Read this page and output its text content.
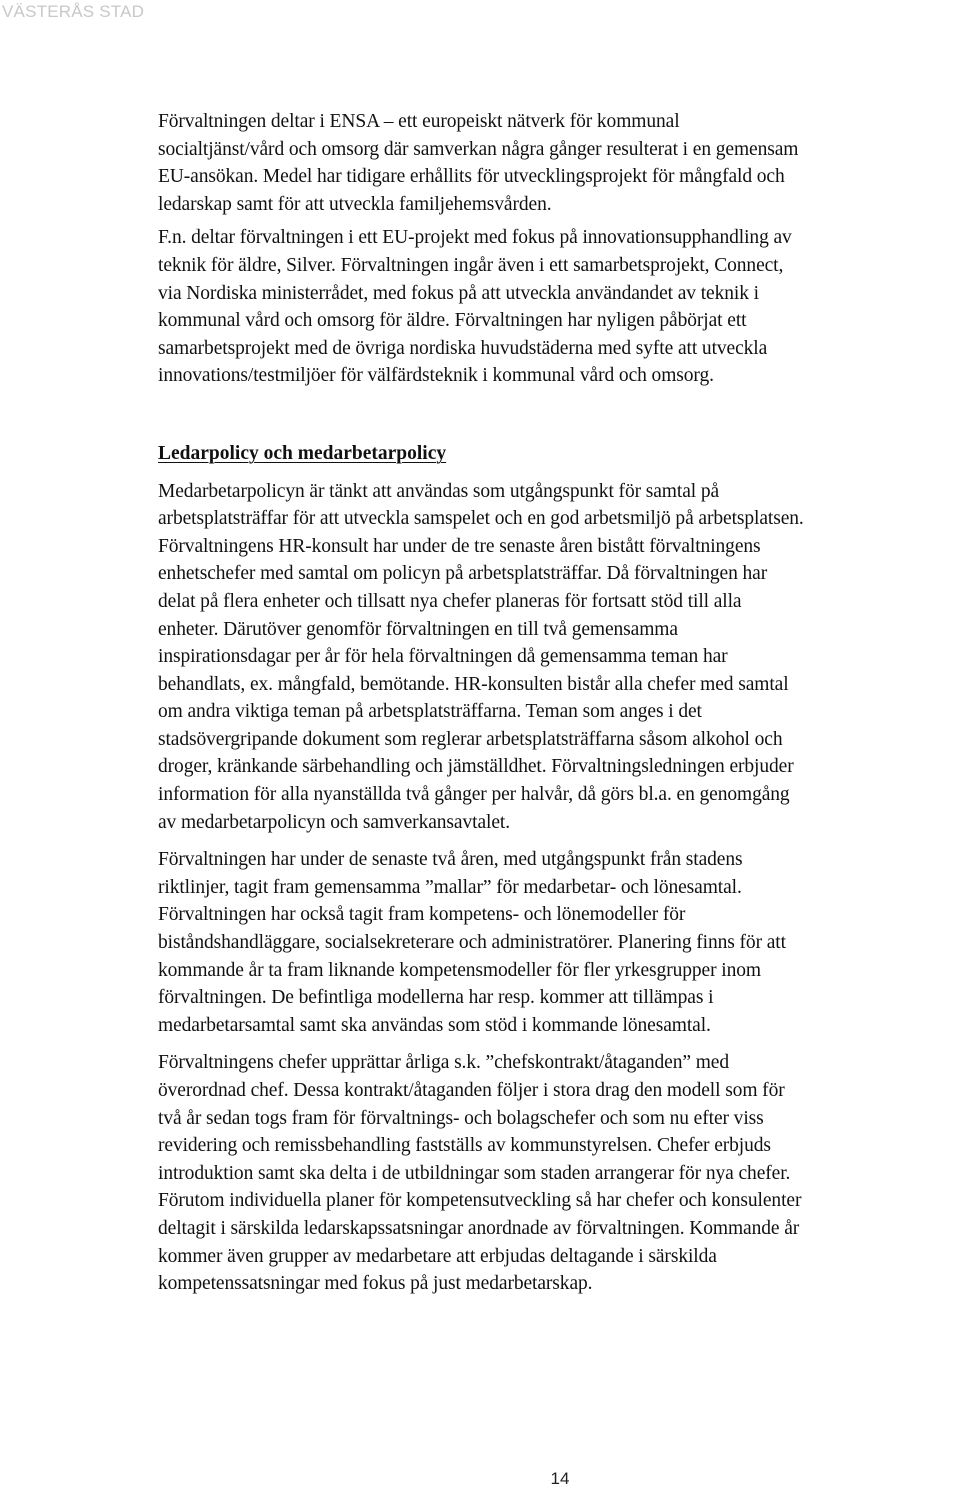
VÄSTERÅS STAD

Förvaltningen deltar i ENSA – ett europeiskt nätverk för kommunal
socialtjänst/vård och omsorg där samverkan några gånger resulterat i en gemensam
EU-ansökan. Medel har tidigare erhållits för utvecklingsprojekt för mångfald och
ledarskap samt för att utveckla familjehemsvården.

F.n. deltar förvaltningen i ett EU-projekt med fokus på innovationsupphandling av
teknik för äldre, Silver. Förvaltningen ingår även i ett samarbetsprojekt, Connect,
via Nordiska ministerrådet, med fokus på att utveckla användandet av teknik i
kommunal vård och omsorg för äldre. Förvaltningen har nyligen påbörjat ett
samarbetsprojekt med de övriga nordiska huvudstäderna med syfte att utveckla
innovations/testmiljöer för välfärdsteknik i kommunal vård och omsorg.

Ledarpolicy och medarbetarpolicy

Medarbetarpolicyn är tänkt att användas som utgångspunkt för samtal på
arbetsplatsträffar för att utveckla samspelet och en god arbetsmiljö på arbetsplatsen.
Förvaltningens HR-konsult har under de tre senaste åren bistått förvaltningens
enhetschefer med samtal om policyn på arbetsplatsträffar. Då förvaltningen har
delat på flera enheter och tillsatt nya chefer planeras för fortsatt stöd till alla
enheter. Därutöver genomför förvaltningen en till två gemensamma
inspirationsdagar per år för hela förvaltningen då gemensamma teman har
behandlats, ex. mångfald, bemötande. HR-konsulten bistår alla chefer med samtal
om andra viktiga teman på arbetsplatsträffarna. Teman som anges i det
stadsövergripande dokument som reglerar arbetsplatsträffarna såsom alkohol och
droger, kränkande särbehandling och jämställdhet. Förvaltningsledningen erbjuder
information för alla nyanställda två gånger per halvår, då görs bl.a. en genomgång
av medarbetarpolicyn och samverkansavtalet.

Förvaltningen har under de senaste två åren, med utgångspunkt från stadens
riktlinjer, tagit fram gemensamma ”mallar” för medarbetar- och lönesamtal.
Förvaltningen har också tagit fram kompetens- och lönemodeller för
biståndshandläggare, socialsekreterare och administratörer. Planering finns för att
kommande år ta fram liknande kompetensmodeller för fler yrkesgrupper inom
förvaltningen. De befintliga modellerna har resp. kommer att tillämpas i
medarbetarsamtal samt ska användas som stöd i kommande lönesamtal.

Förvaltningens chefer upprättar årliga s.k. ”chefskontrakt/åtaganden” med
överordnad chef. Dessa kontrakt/åtaganden följer i stora drag den modell som för
två år sedan togs fram för förvaltnings- och bolagschefer och som nu efter viss
revidering och remissbehandling fastställs av kommunstyrelsen. Chefer erbjuds
introduktion samt ska delta i de utbildningar som staden arrangerar för nya chefer.
Förutom individuella planer för kompetensutveckling så har chefer och konsulenter
deltagit i särskilda ledarskapssatsningar anordnade av förvaltningen. Kommande år
kommer även grupper av medarbetare att erbjudas deltagande i särskilda
kompetenssatsningar med fokus på just medarbetarskap.

14
